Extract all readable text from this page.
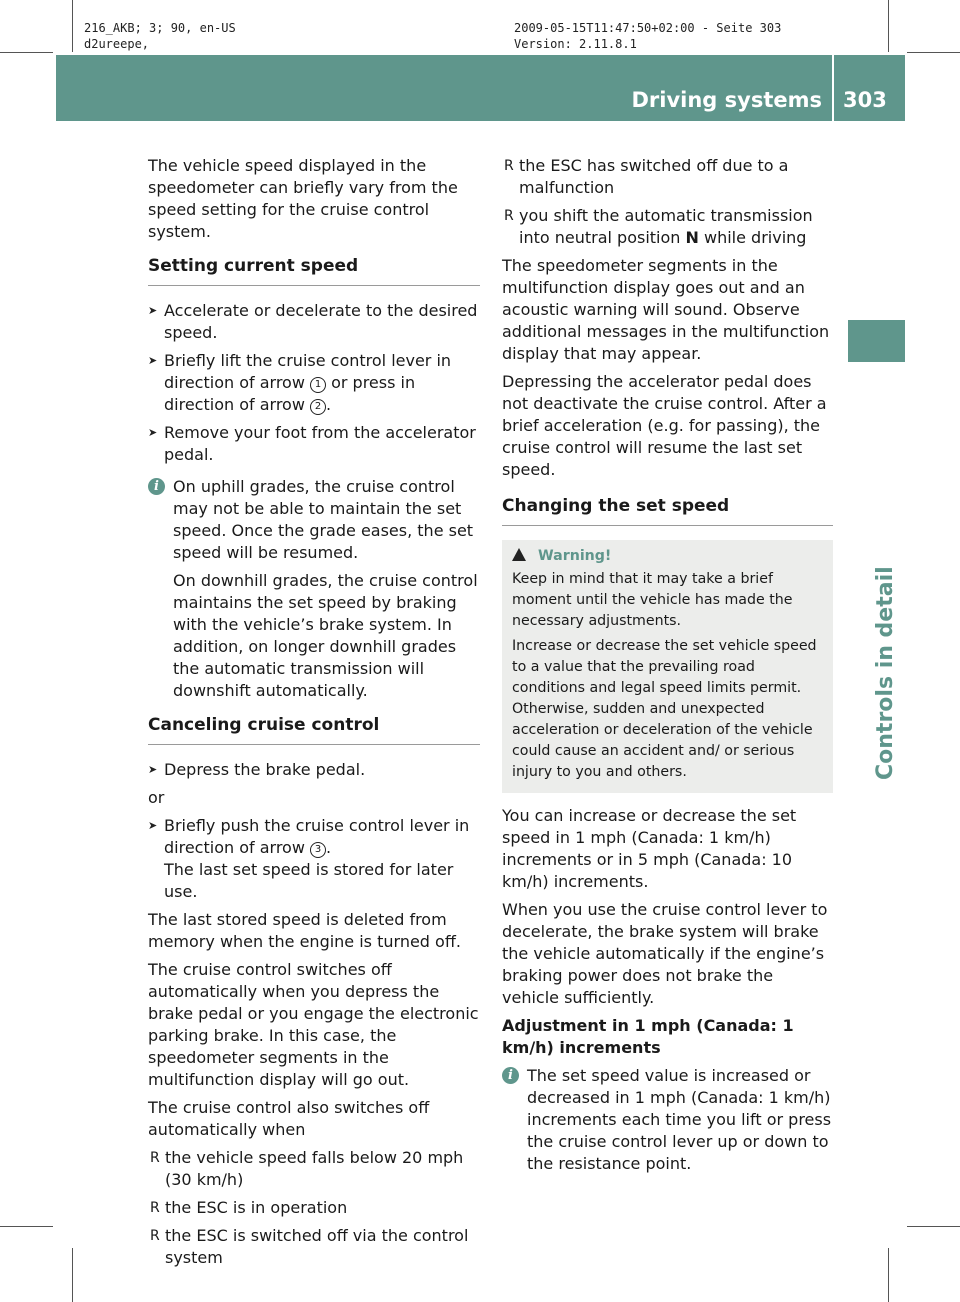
216_AKB; 3; 90, en-US
d2ureepe,
2009-05-15T11:47:50+02:00 - Seite 303
Version: 2.11.8.1
Driving systems 303
Controls in detail

The vehicle speed displayed in the speedometer can briefly vary from the speed setting for the cruise control system.

Setting current speed
➤ Accelerate or decelerate to the desired speed.
➤ Briefly lift the cruise control lever in direction of arrow 1 or press in direction of arrow 2 .
➤ Remove your foot from the accelerator pedal.
i On uphill grades, the cruise control may not be able to maintain the set speed. Once the grade eases, the set speed will be resumed.

On downhill grades, the cruise control maintains the set speed by braking with the vehicle’s brake system. In addition, on longer downhill grades the automatic transmission will downshift automatically.

Canceling cruise control
➤ Depress the brake pedal.

or

➤ Briefly push the cruise control lever in direction of arrow 3 .
The last set speed is stored for later use.

The last stored speed is deleted from memory when the engine is turned off.

The cruise control switches off automatically when you depress the brake pedal or you engage the electronic parking brake. In this case, the speedometer segments in the multifunction display will go out.

The cruise control also switches off automatically when

R the vehicle speed falls below 20 mph (30 km/h)
R the ESC is in operation
R the ESC is switched off via the control system
R the ESC has switched off due to a malfunction
R you shift the automatic transmission into neutral position N while driving

The speedometer segments in the multifunction display goes out and an acoustic warning will sound. Observe additional messages in the multifunction display that may appear.

Depressing the accelerator pedal does not deactivate the cruise control. After a brief acceleration (e.g. for passing), the cruise control will resume the last set speed.

Changing the set speed
Warning!

Keep in mind that it may take a brief moment until the vehicle has made the necessary adjustments.

Increase or decrease the set vehicle speed to a value that the prevailing road conditions and legal speed limits permit. Otherwise, sudden and unexpected acceleration or deceleration of the vehicle could cause an accident and/ or serious injury to you and others.

You can increase or decrease the set speed in 1 mph (Canada: 1 km/h) increments or in 5 mph (Canada: 10 km/h) increments.

When you use the cruise control lever to decelerate, the brake system will brake the vehicle automatically if the engine’s braking power does not brake the vehicle sufficiently.

Adjustment in 1 mph (Canada: 1 km/h) increments

i The set speed value is increased or decreased in 1 mph (Canada: 1 km/h) increments each time you lift or press the cruise control lever up or down to the resistance point.
